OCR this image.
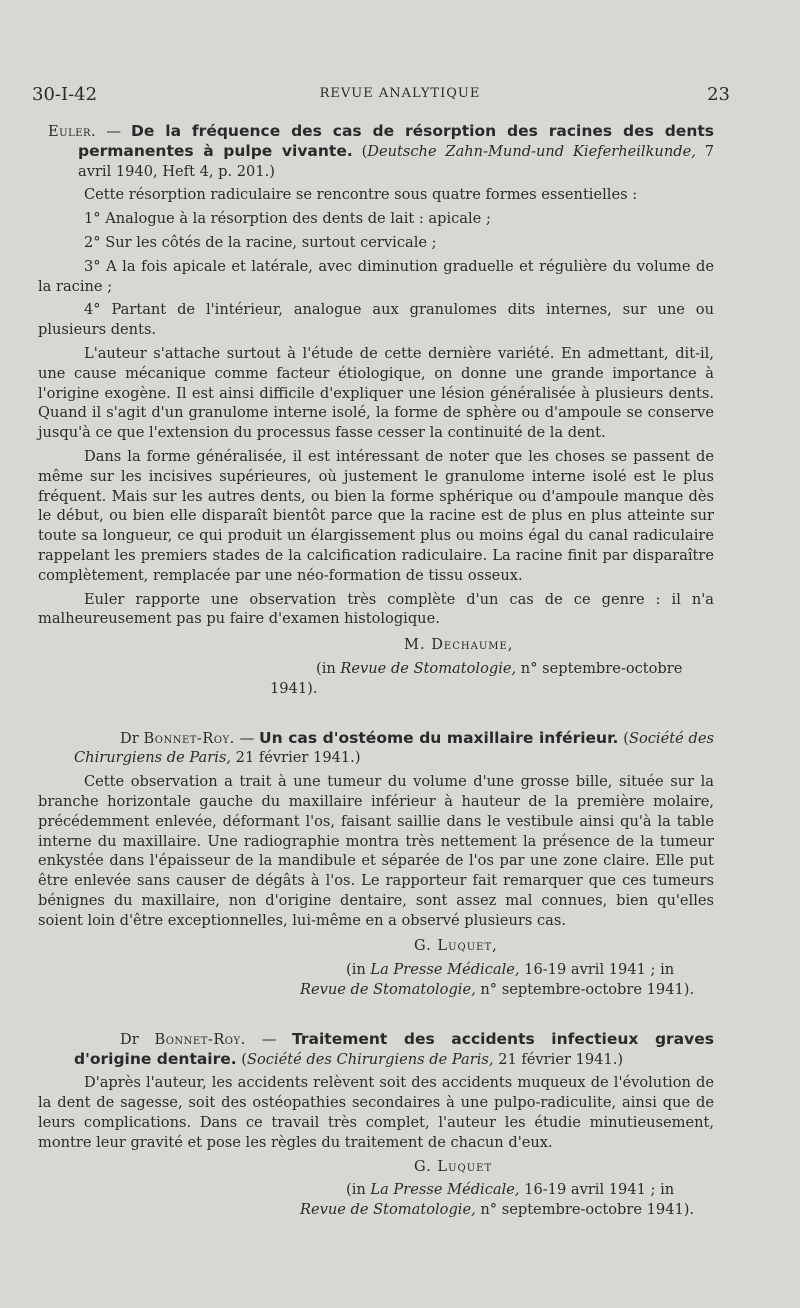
30-I-42	REVUE ANALYTIQUE	23

Euler. — De la fréquence des cas de résorption des racines des dents permanentes à pulpe vivante. (Deutsche Zahn-Mund-und Kieferheilkunde, 7 avril 1940, Heft 4, p. 201.)

Cette résorption radiculaire se rencontre sous quatre formes essentielles :

1° Analogue à la résorption des dents de lait : apicale ;

2° Sur les côtés de la racine, surtout cervicale ;

3° A la fois apicale et latérale, avec diminution graduelle et régulière du volume de la racine ;

4° Partant de l'intérieur, analogue aux granulomes dits internes, sur une ou plusieurs dents.

L'auteur s'attache surtout à l'étude de cette dernière variété. En admettant, dit-il, une cause mécanique comme facteur étiologique, on donne une grande importance à l'origine exogène. Il est ainsi difficile d'expliquer une lésion généralisée à plusieurs dents. Quand il s'agit d'un granulome interne isolé, la forme de sphère ou d'ampoule se conserve jusqu'à ce que l'extension du processus fasse cesser la continuité de la dent.

Dans la forme généralisée, il est intéressant de noter que les choses se passent de même sur les incisives supérieures, où justement le granulome interne isolé est le plus fréquent. Mais sur les autres dents, ou bien la forme sphérique ou d'ampoule manque dès le début, ou bien elle disparaît bientôt parce que la racine est de plus en plus atteinte sur toute sa longueur, ce qui produit un élargissement plus ou moins égal du canal radiculaire rappelant les premiers stades de la calcification radiculaire. La racine finit par disparaître complètement, remplacée par une néo-formation de tissu osseux.

Euler rapporte une observation très complète d'un cas de ce genre : il n'a malheureusement pas pu faire d'examen histologique.

M. Dechaume,

(in Revue de Stomatologie, n° septembre-octobre 1941).

Dr Bonnet-Roy. — Un cas d'ostéome du maxillaire inférieur. (Société des Chirurgiens de Paris, 21 février 1941.)

Cette observation a trait à une tumeur du volume d'une grosse bille, située sur la branche horizontale gauche du maxillaire inférieur à hauteur de la première molaire, précédemment enlevée, déformant l'os, faisant saillie dans le vestibule ainsi qu'à la table interne du maxillaire. Une radiographie montra très nettement la présence de la tumeur enkystée dans l'épaisseur de la mandibule et séparée de l'os par une zone claire. Elle put être enlevée sans causer de dégâts à l'os. Le rapporteur fait remarquer que ces tumeurs bénignes du maxillaire, non d'origine dentaire, sont assez mal connues, bien qu'elles soient loin d'être exceptionnelles, lui-même en a observé plusieurs cas.

G. Luquet,

(in La Presse Médicale, 16-19 avril 1941 ; in Revue de Stomatologie, n° septembre-octobre 1941).

Dr Bonnet-Roy. — Traitement des accidents infectieux graves d'origine dentaire. (Société des Chirurgiens de Paris, 21 février 1941.)

D'après l'auteur, les accidents relèvent soit des accidents muqueux de l'évolution de la dent de sagesse, soit des ostéopathies secondaires à une pulpo-radiculite, ainsi que de leurs complications. Dans ce travail très complet, l'auteur les étudie minutieusement, montre leur gravité et pose les règles du traitement de chacun d'eux.

G. Luquet

(in La Presse Médicale, 16-19 avril 1941 ; in Revue de Stomatologie, n° septembre-octobre 1941).
